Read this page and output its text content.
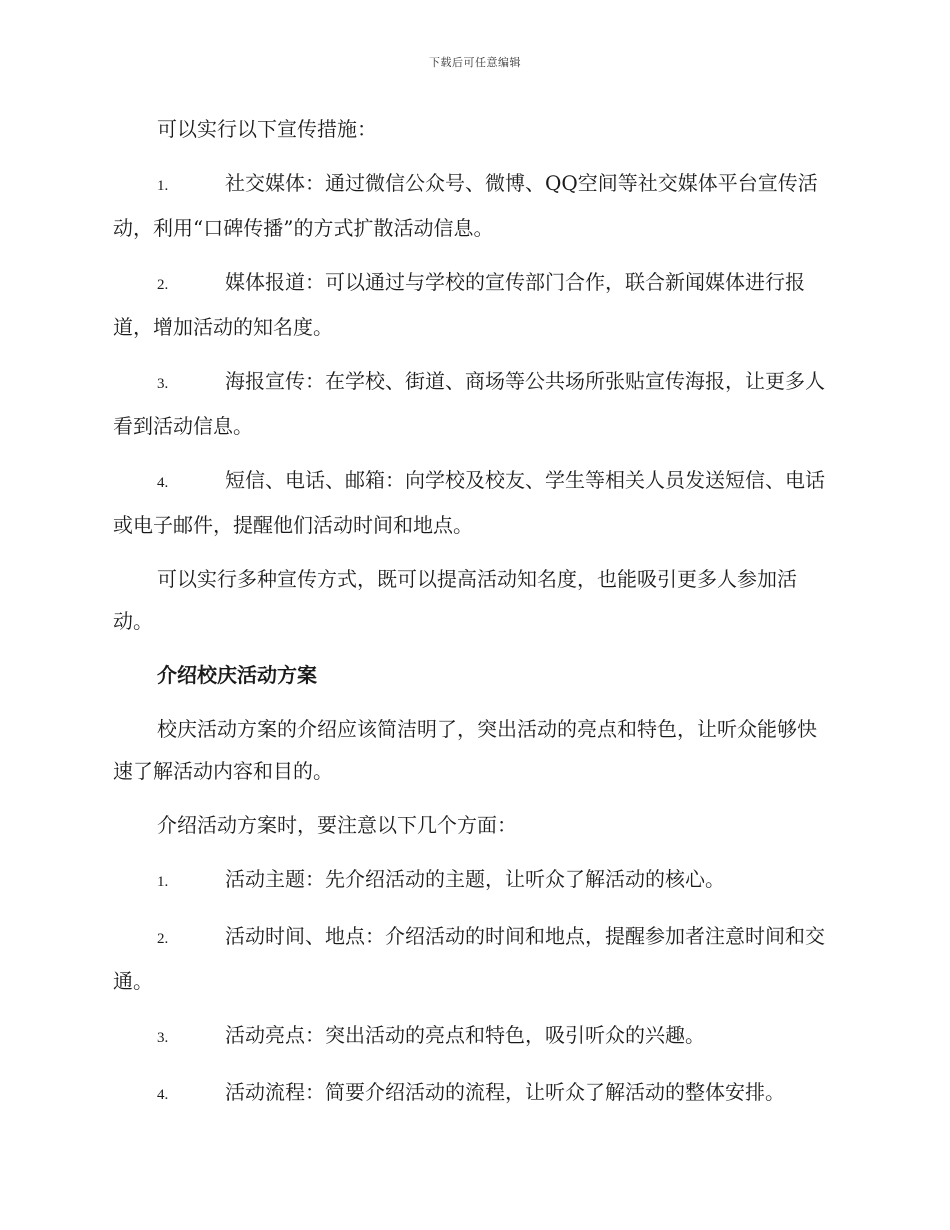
下载后可任意编辑

可以实行以下宣传措施：

1.	社交媒体：通过微信公众号、微博、QQ空间等社交媒体平台宣传活动，利用“口碑传播”的方式扩散活动信息。

2.	媒体报道：可以通过与学校的宣传部门合作，联合新闻媒体进行报道，增加活动的知名度。

3.	海报宣传：在学校、街道、商场等公共场所张贴宣传海报，让更多人看到活动信息。

4.	短信、电话、邮箱：向学校及校友、学生等相关人员发送短信、电话或电子邮件，提醒他们活动时间和地点。

可以实行多种宣传方式，既可以提高活动知名度，也能吸引更多人参加活动。

介绍校庆活动方案

校庆活动方案的介绍应该简洁明了，突出活动的亮点和特色，让听众能够快速了解活动内容和目的。

介绍活动方案时，要注意以下几个方面：

1.	活动主题：先介绍活动的主题，让听众了解活动的核心。

2.	活动时间、地点：介绍活动的时间和地点，提醒参加者注意时间和交通。

3.	活动亮点：突出活动的亮点和特色，吸引听众的兴趣。

4.	活动流程：简要介绍活动的流程，让听众了解活动的整体安排。
